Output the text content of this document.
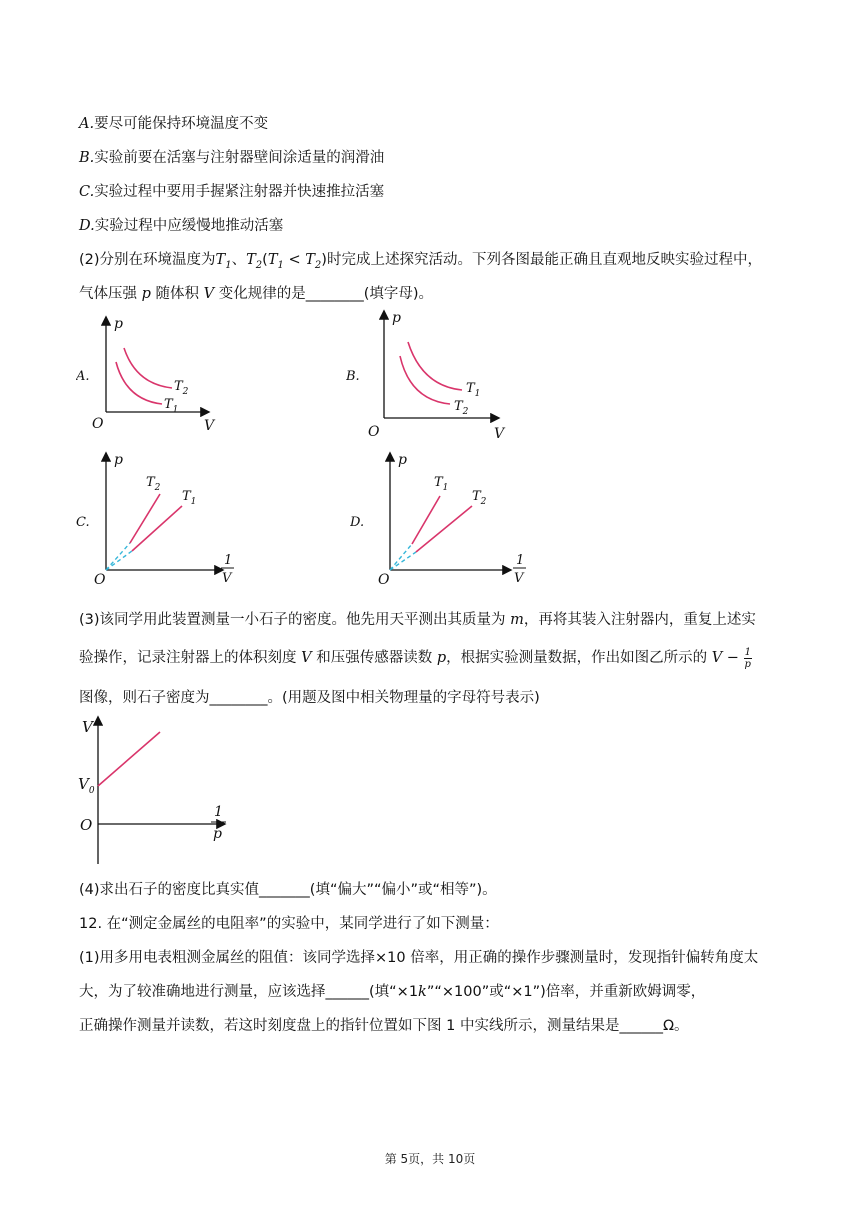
A.要尽可能保持环境温度不变
B.实验前要在活塞与注射器壁间涂适量的润滑油
C.实验过程中要用手握紧注射器并快速推拉活塞
D.实验过程中应缓慢地推动活塞
(2)分别在环境温度为$T_1$、$T_2(T_1 < T_2)$时完成上述探究活动。下列各图最能正确且直观地反映实验过程中，
气体压强 p 随体积 V 变化规律的是________(填字母)。
A.
p
V
O
$T_2$
$T_1$
B.
p
V
O
$T_1$
$T_2$
C.
p
O
1
V
$T_2$
$T_1$
D.
p
O
1
V
$T_1$
$T_2$
(3)该同学用此装置测量一小石子的密度。他先用天平测出其质量为 m，再将其装入注射器内，重复上述实
验操作，记录注射器上的体积刻度 V 和压强传感器读数 p，根据实验测量数据，作出如图乙所示的 $V - \frac{1}{p}$
图像，则石子密度为________。(用题及图中相关物理量的字母符号表示)
V
$V_0$
O
1
p
(4)求出石子的密度比真实值_______(填“偏大”“偏小”或“相等”)。
12. 在“测定金属丝的电阻率”的实验中，某同学进行了如下测量：
(1)用多用电表粗测金属丝的阻值：该同学选择×10 倍率，用正确的操作步骤测量时，发现指针偏转角度太
大，为了较准确地进行测量，应该选择______(填“×1k”“×100”或“×1”)倍率，并重新欧姆调零，
正确操作测量并读数，若这时刻度盘上的指针位置如下图 1 中实线所示，测量结果是______Ω。
第 5页，共 10页
